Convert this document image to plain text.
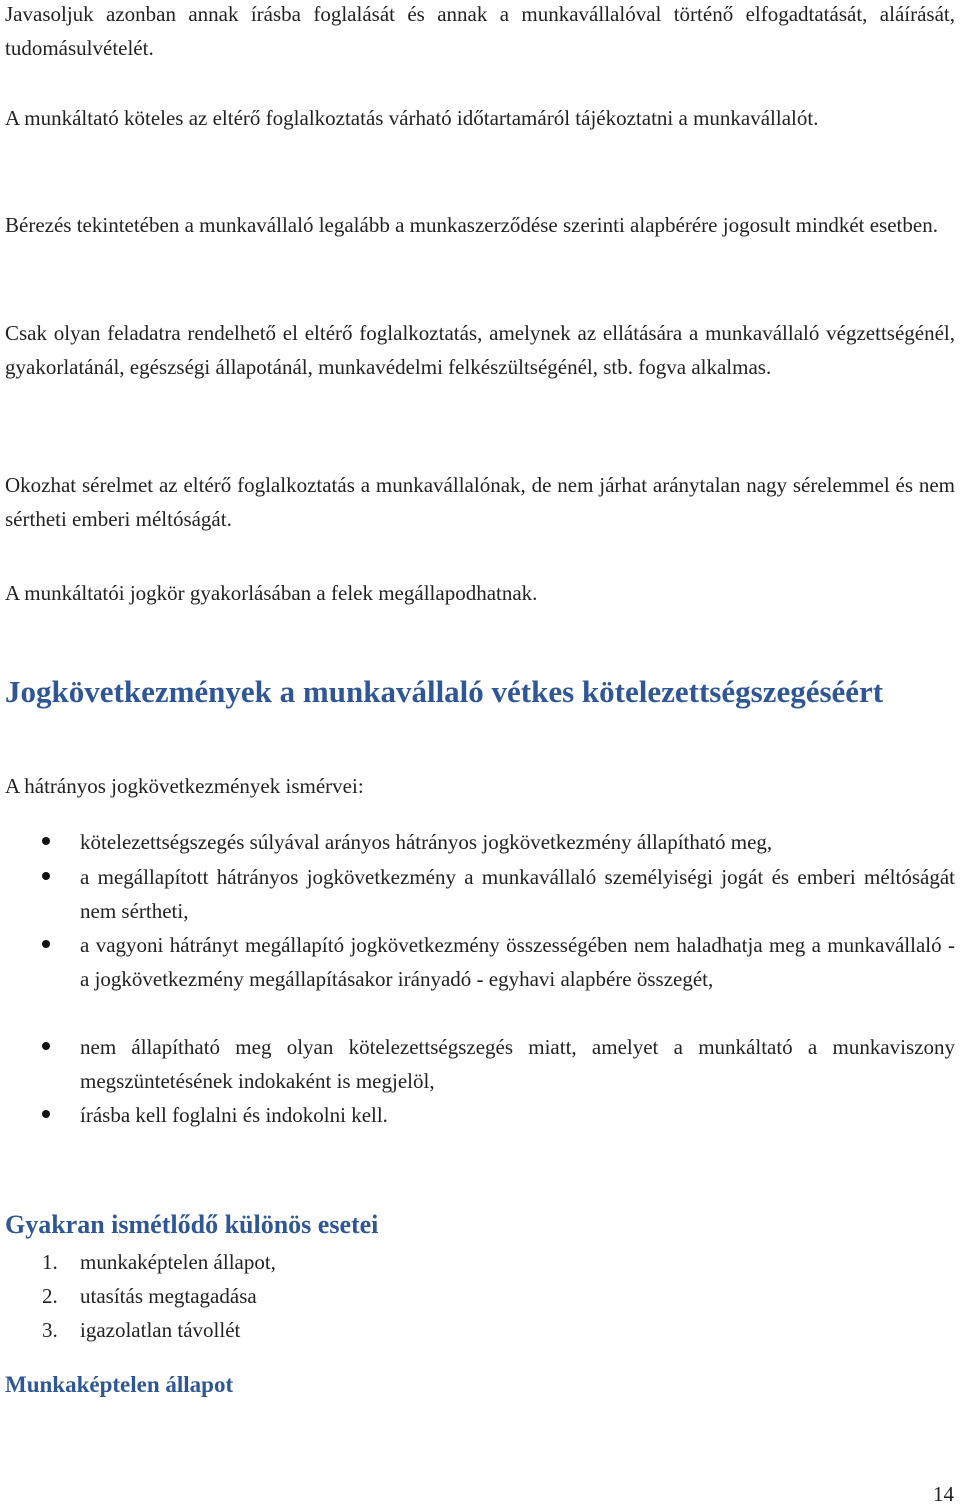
Javasoljuk azonban annak írásba foglalását és annak a munkavállalóval történő elfogadtatását, aláírását, tudomásulvételét.

A munkáltató köteles az eltérő foglalkoztatás várható időtartamáról tájékoztatni a munkavállalót.

Bérezés tekintetében a munkavállaló legalább a munkaszerződése szerinti alapbérére jogosult mindkét esetben.

Csak olyan feladatra rendelhető el eltérő foglalkoztatás, amelynek az ellátására a munkavállaló végzettségénél, gyakorlatánál, egészségi állapotánál, munkavédelmi felkészültségénél, stb. fogva alkalmas.

Okozhat sérelmet az eltérő foglalkoztatás a munkavállalónak, de nem járhat aránytalan nagy sérelemmel és nem sértheti emberi méltóságát.

A munkáltatói jogkör gyakorlásában a felek megállapodhatnak.

Jogkövetkezmények a munkavállaló vétkes kötelezettségszegéséért

A hátrányos jogkövetkezmények ismérvei:

kötelezettségszegés súlyával arányos hátrányos jogkövetkezmény állapítható meg,
a megállapított hátrányos jogkövetkezmény a munkavállaló személyiségi jogát és emberi méltóságát nem sértheti,
a vagyoni hátrányt megállapító jogkövetkezmény összességében nem haladhatja meg a munkavállaló - a jogkövetkezmény megállapításakor irányadó - egyhavi alapbére összegét,
nem állapítható meg olyan kötelezettségszegés miatt, amelyet a munkáltató a munkaviszony megszüntetésének indokaként is megjelöl,
írásba kell foglalni és indokolni kell.
Gyakran ismétlődő különös esetei
1. munkaképtelen állapot,
2. utasítás megtagadása
3. igazolatlan távollét
Munkaképtelen állapot
14
